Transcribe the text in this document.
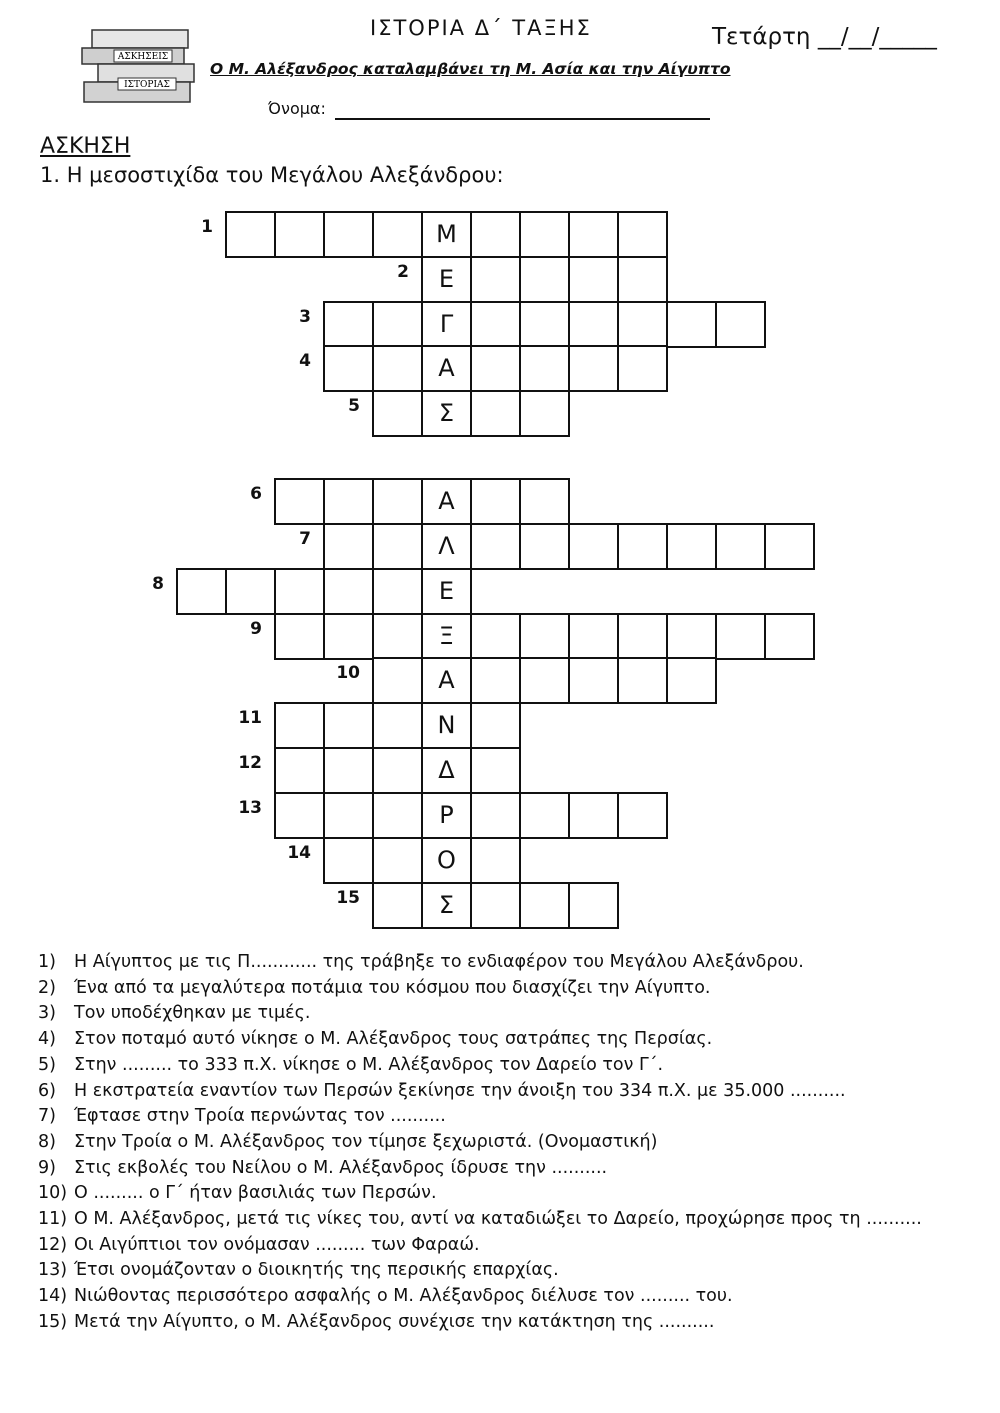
ΑΣΚΗΣΕΙΣ
ΙΣΤΟΡΙΑΣ
ΙΣΤΟΡΙΑ Δ΄ ΤΑΞΗΣ	Τετάρτη __/__/_____
Ο Μ. Αλέξανδρος καταλαμβάνει τη Μ. Ασία και την Αίγυπτο
Όνομα:
ΑΣΚΗΣΗ
1. Η μεσοστιχίδα του Μεγάλου Αλεξάνδρου:
1	Μ
2	Ε
3	Γ
4	Α
5	Σ
6	Α
7	Λ
8	Ε
9	Ξ
10	Α
11	Ν
12	Δ
13	Ρ
14	Ο
15	Σ
1)	Η Αίγυπτος με τις Π............ της τράβηξε το ενδιαφέρον του Μεγάλου Αλεξάνδρου.
2)	Ένα από τα μεγαλύτερα ποτάμια του κόσμου που διασχίζει την Αίγυπτο.
3)	Τον υποδέχθηκαν με τιμές.
4)	Στον ποταμό αυτό νίκησε ο Μ. Αλέξανδρος τους σατράπες της Περσίας.
5)	Στην ......... το 333 π.Χ. νίκησε ο Μ. Αλέξανδρος τον Δαρείο τον Γ΄.
6)	Η εκστρατεία εναντίον των Περσών ξεκίνησε την άνοιξη του 334 π.Χ. με 35.000 ..........
7)	Έφτασε στην Τροία περνώντας τον ..........
8)	Στην Τροία ο Μ. Αλέξανδρος τον τίμησε ξεχωριστά. (Ονομαστική)
9)	Στις εκβολές του Νείλου ο Μ. Αλέξανδρος ίδρυσε την ..........
10) Ο ......... ο Γ΄ ήταν βασιλιάς των Περσών.
11) Ο Μ. Αλέξανδρος, μετά τις νίκες του, αντί να καταδιώξει το Δαρείο, προχώρησε προς τη ..........
12) Οι Αιγύπτιοι τον ονόμασαν ......... των Φαραώ.
13) Έτσι ονομάζονταν ο διοικητής της περσικής επαρχίας.
14) Νιώθοντας περισσότερο ασφαλής ο Μ. Αλέξανδρος διέλυσε τον ......... του.
15) Μετά την Αίγυπτο, ο Μ. Αλέξανδρος συνέχισε την κατάκτηση της ..........
